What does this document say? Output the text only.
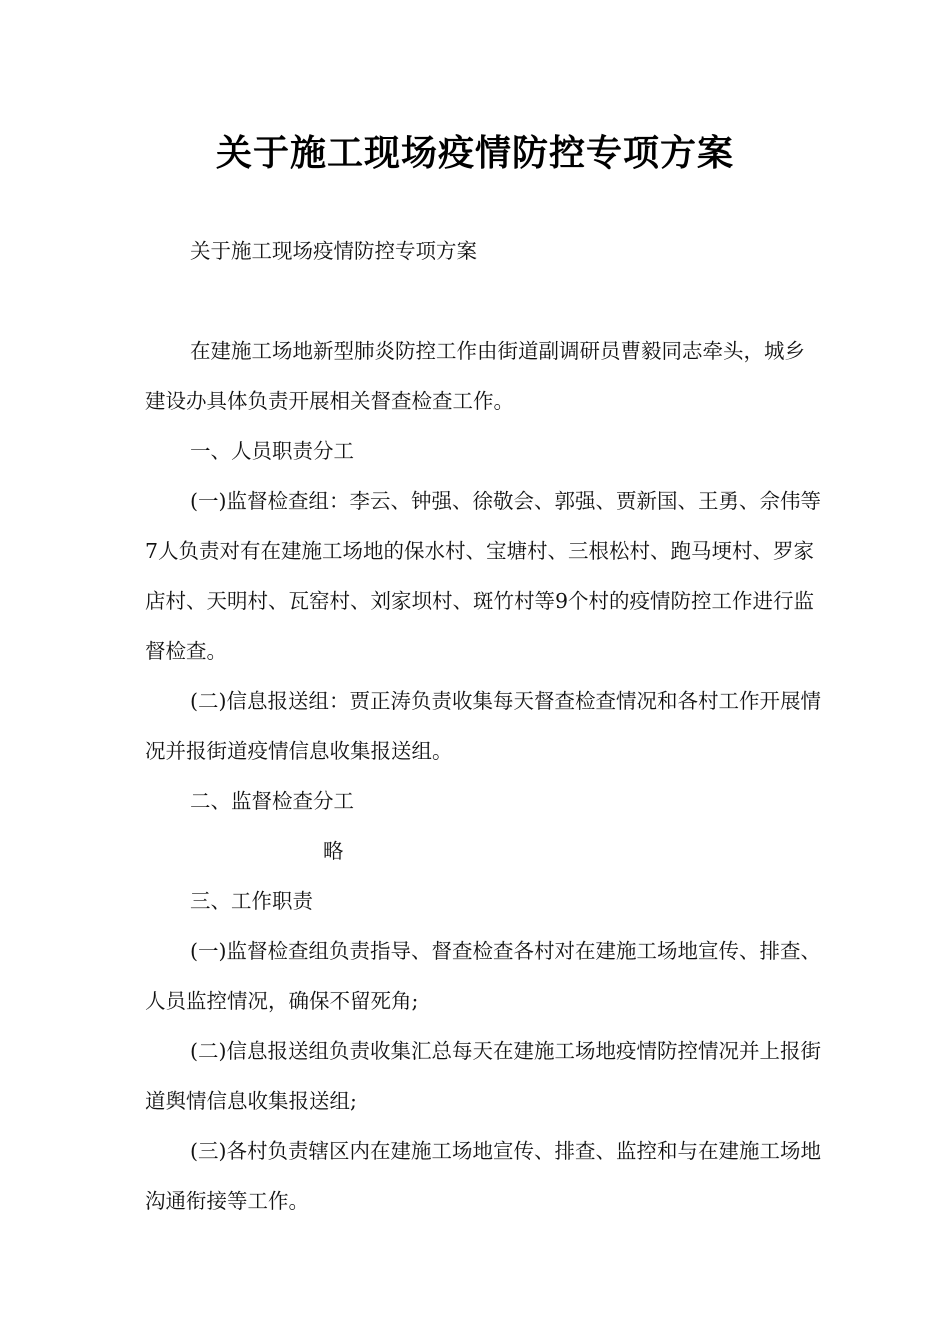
关于施工现场疫情防控专项方案

关于施工现场疫情防控专项方案

在建施工场地新型肺炎防控工作由街道副调研员曹毅同志牵头，城乡建设办具体负责开展相关督查检查工作。

一、人员职责分工

(一)监督检查组：李云、钟强、徐敬会、郭强、贾新国、王勇、佘伟等7人负责对有在建施工场地的保水村、宝塘村、三根松村、跑马埂村、罗家店村、天明村、瓦窑村、刘家坝村、斑竹村等9个村的疫情防控工作进行监督检查。

(二)信息报送组：贾正涛负责收集每天督查检查情况和各村工作开展情况并报街道疫情信息收集报送组。

二、监督检查分工

略

三、工作职责

(一)监督检查组负责指导、督查检查各村对在建施工场地宣传、排查、人员监控情况，确保不留死角;

(二)信息报送组负责收集汇总每天在建施工场地疫情防控情况并上报街道舆情信息收集报送组;

(三)各村负责辖区内在建施工场地宣传、排查、监控和与在建施工场地沟通衔接等工作。
